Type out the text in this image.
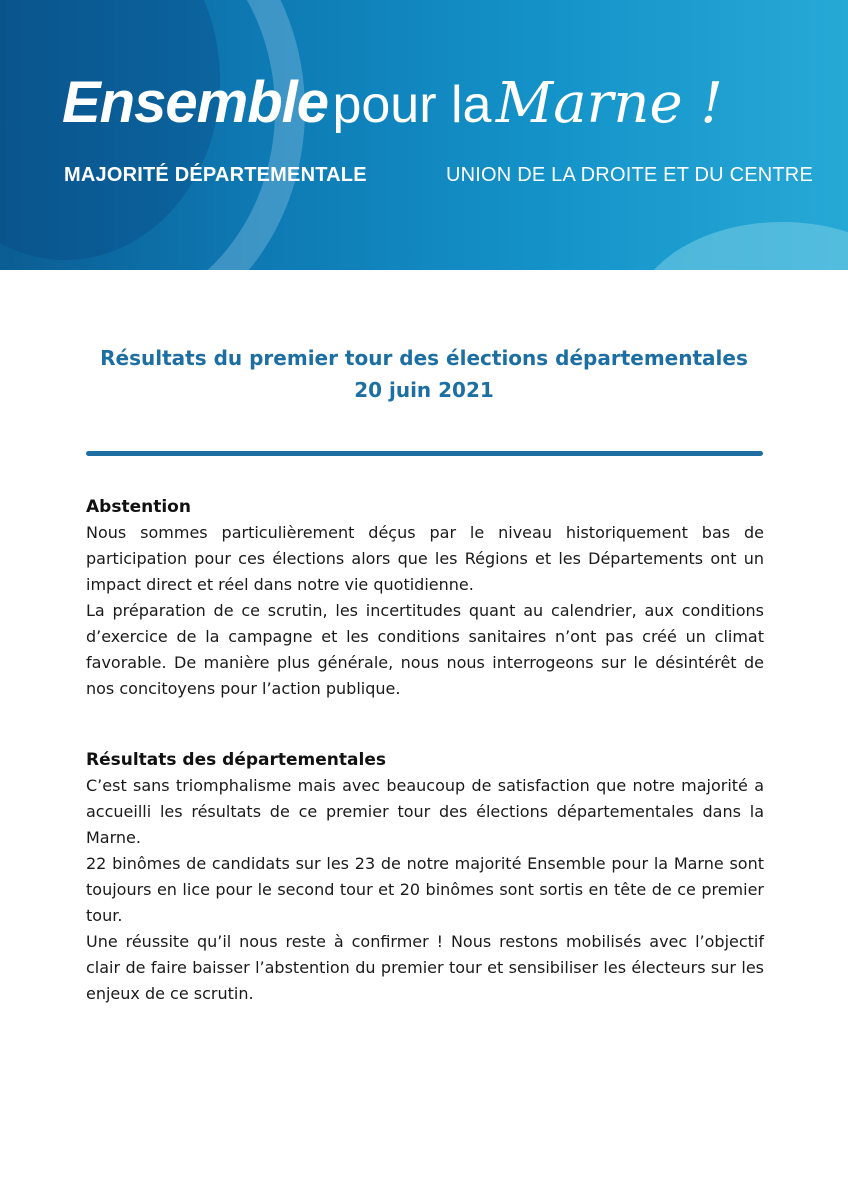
Ensemble pour la Marne !
MAJORITÉ DÉPARTEMENTALE	UNION DE LA DROITE ET DU CENTRE
Résultats du premier tour des élections départementales
20 juin 2021
Abstention

Nous sommes particulièrement déçus par le niveau historiquement bas de participation pour ces élections alors que les Régions et les Départements ont un impact direct et réel dans notre vie quotidienne.

La préparation de ce scrutin, les incertitudes quant au calendrier, aux conditions d’exercice de la campagne et les conditions sanitaires n’ont pas créé un climat favorable. De manière plus générale, nous nous interrogeons sur le désintérêt de nos concitoyens pour l’action publique.

Résultats des départementales

C’est sans triomphalisme mais avec beaucoup de satisfaction que notre majorité a accueilli les résultats de ce premier tour des élections départementales dans la Marne.

22 binômes de candidats sur les 23 de notre majorité Ensemble pour la Marne sont toujours en lice pour le second tour et 20 binômes sont sortis en tête de ce premier tour.

Une réussite qu’il nous reste à confirmer ! Nous restons mobilisés avec l’objectif clair de faire baisser l’abstention du premier tour et sensibiliser les électeurs sur les enjeux de ce scrutin.
